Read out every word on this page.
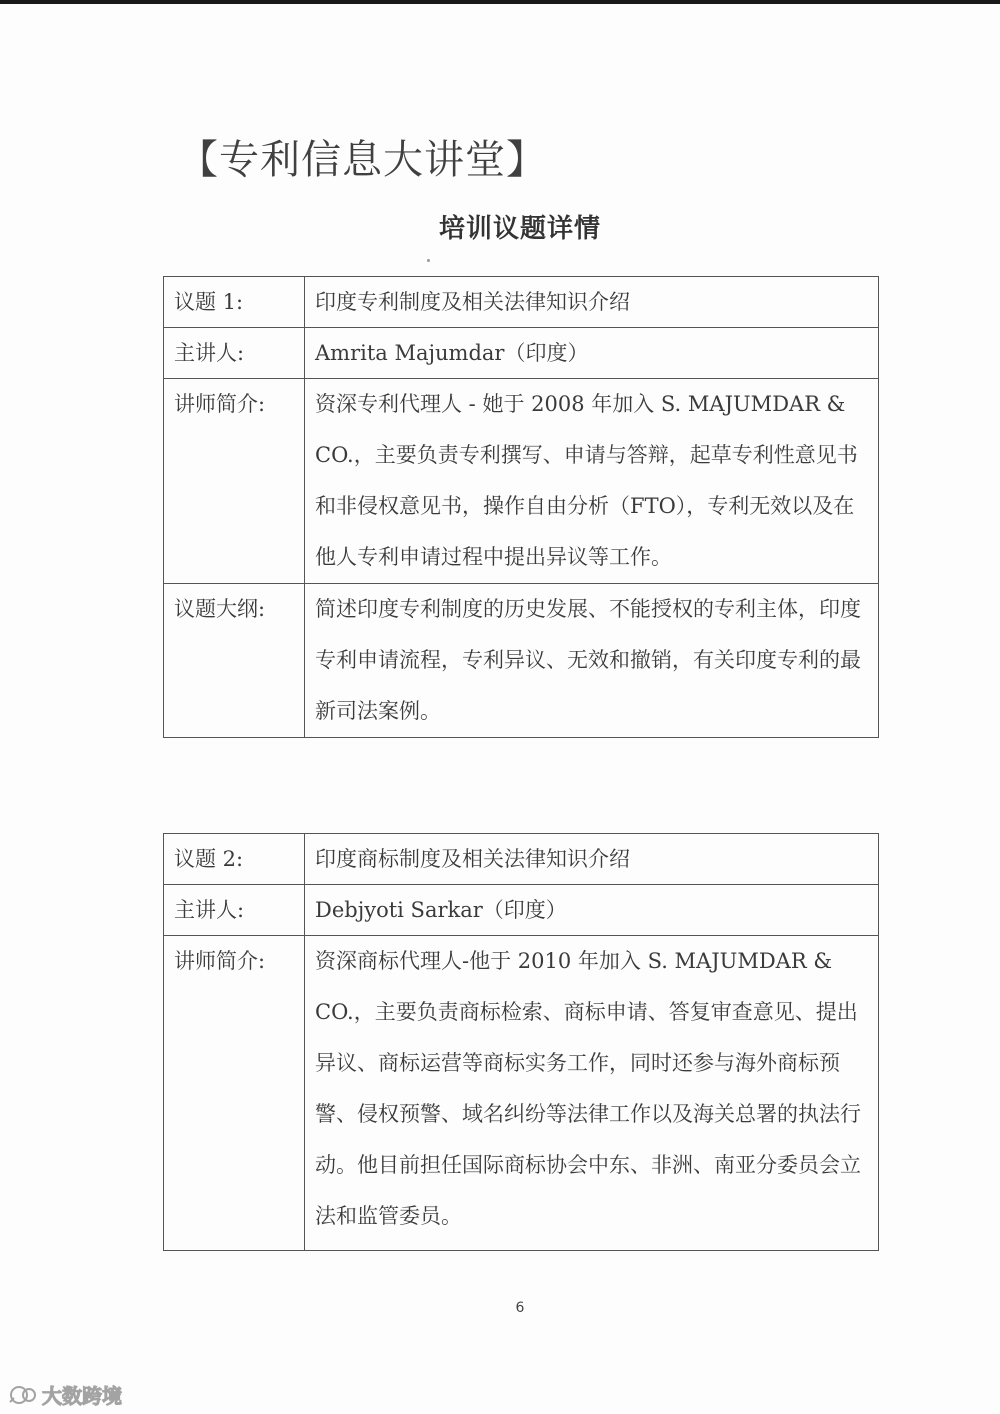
【专利信息大讲堂】
培训议题详情
议题 1:	印度专利制度及相关法律知识介绍
主讲人:	Amrita Majumdar（印度）
讲师简介:	资深专利代理人 - 她于 2008 年加入 S. MAJUMDAR & CO.，主要负责专利撰写、申请与答辩，起草专利性意见书和非侵权意见书，操作自由分析（FTO），专利无效以及在他人专利申请过程中提出异议等工作。
议题大纲:	简述印度专利制度的历史发展、不能授权的专利主体，印度专利申请流程，专利异议、无效和撤销，有关印度专利的最新司法案例。
议题 2:	印度商标制度及相关法律知识介绍
主讲人:	Debjyoti Sarkar（印度）
讲师简介:	资深商标代理人-他于 2010 年加入 S. MAJUMDAR & CO.，主要负责商标检索、商标申请、答复审查意见、提出异议、商标运营等商标实务工作，同时还参与海外商标预警、侵权预警、域名纠纷等法律工作以及海关总署的执法行动。他目前担任国际商标协会中东、非洲、南亚分委员会立法和监管委员。
6
大数跨境
